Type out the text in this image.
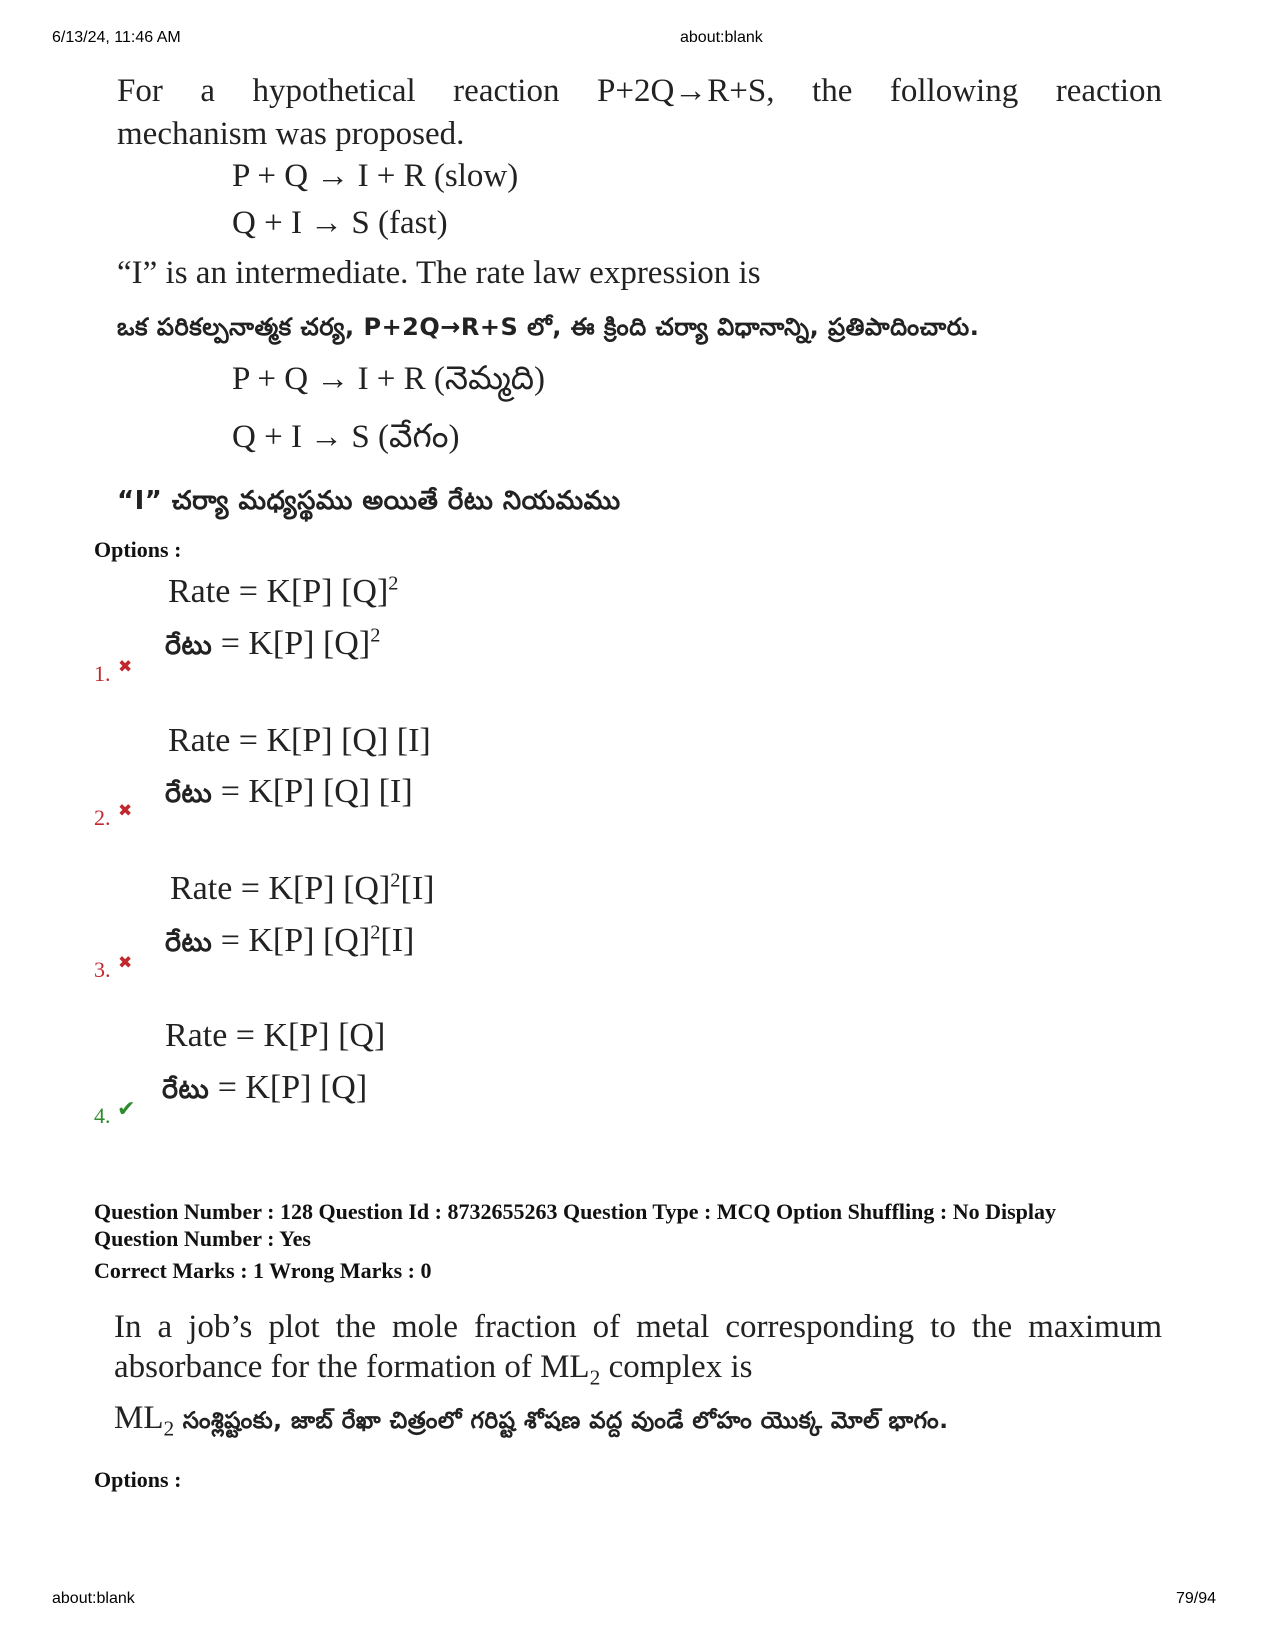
6/13/24, 11:46 AM	about:blank
For a hypothetical reaction P+2Q→R+S, the following reaction
mechanism was proposed.
P + Q → I + R (slow)
Q + I → S (fast)
“I” is an intermediate. The rate law expression is
ఒక పరికల్పనాత్మక చర్య, P+2Q→R+S లో, ఈ క్రింది చర్యా విధానాన్ని, ప్రతిపాదించారు.
P + Q → I + R (నెమ్మది)
Q + I → S (వేగం)
“I” చర్యా మధ్యస్థము అయితే రేటు నియమము
Options :
Rate = K[P] $[Q]^2$
రేటు = K[P] $[Q]^2$
1. ✖
Rate = K[P] [Q] [I]
రేటు = K[P] [Q] [I]
2. ✖
Rate = K[P] $[Q]^2[I]$
రేటు = K[P] $[Q]^2[I]$
3. ✖
Rate = K[P] [Q]
రేటు = K[P] [Q]
4. ✔
Question Number : 128 Question Id : 8732655263 Question Type : MCQ Option Shuffling : No Display
Question Number : Yes
Correct Marks : 1 Wrong Marks : 0
In a job’s plot the mole fraction of metal corresponding to the maximum
absorbance for the formation of $ML_2$ complex is
$ML_2$ సంశ్లిష్టంకు, జాబ్ రేఖా చిత్రంలో గరిష్ట శోషణ వద్ద వుండే లోహం యొక్క మోల్ భాగం.
Options :
about:blank	79/94
